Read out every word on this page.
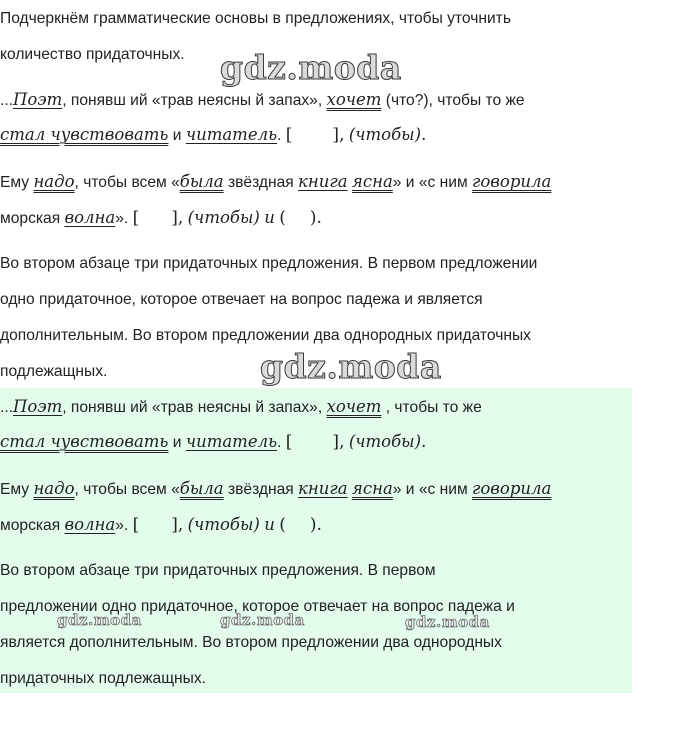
Подчеркнём грамматические основы в предложениях, чтобы уточнить

количество придаточных.

...Поэт, понявш ий «трав неясны й запах», хочет (что?), чтобы то же

стал чувствовать и читатель. [ ], (чтобы).

Ему надо, чтобы всем «была звёздная книга ясна» и «с ним говорила

морская волна». [ ], (чтобы) и ( ).

Во втором абзаце три придаточных предложения. В первом предложении

одно придаточное, которое отвечает на вопрос падежа и является

дополнительным. Во втором предложении два однородных придаточных

подлежащных.

...Поэт, понявш ий «трав неясны й запах», хочет , чтобы то же

стал чувствовать и читатель. [ ], (чтобы).

Ему надо, чтобы всем «была звёздная книга ясна» и «с ним говорила

морская волна». [ ], (чтобы) и ( ).

Во втором абзаце три придаточных предложения. В первом

предложении одно придаточное, которое отвечает на вопрос падежа и

является дополнительным. Во втором предложении два однородных

придаточных подлежащных.

gdz.moda
gdz.moda
gdz.moda	gdz.moda	gdz.moda
